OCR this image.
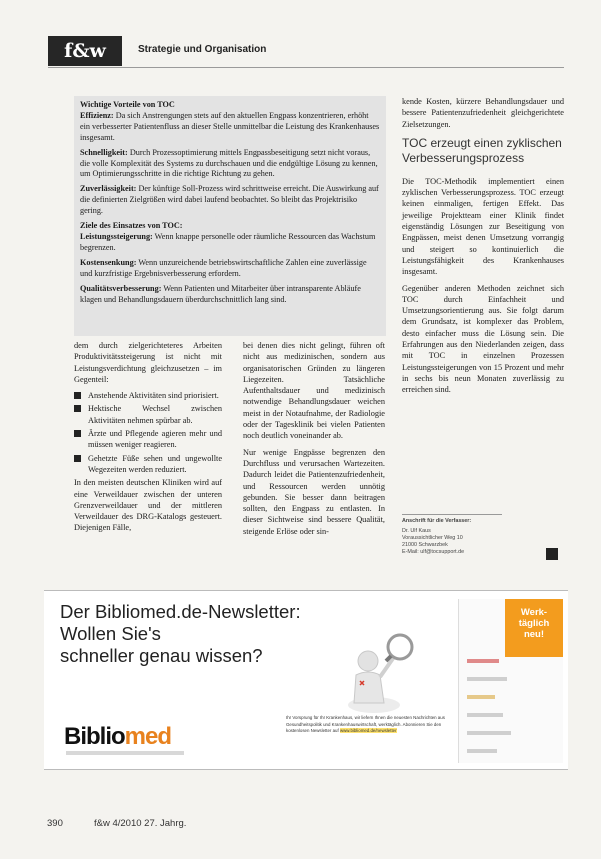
f&w	Strategie und Organisation

Wichtige Vorteile von TOC

Effizienz: Da sich Anstrengungen stets auf den aktuellen Engpass konzentrieren, erhöht ein verbesserter Patientenfluss an dieser Stelle unmittelbar die Leistung des Krankenhauses insgesamt.

Schnelligkeit: Durch Prozessoptimierung mittels Engpassbeseitigung setzt nicht voraus, die volle Komplexität des Systems zu durchschauen und die endgültige Lösung zu kennen, um Optimierungsschritte in die richtige Richtung zu gehen.

Zuverlässigkeit: Der künftige Soll-Prozess wird schrittweise erreicht. Die Auswirkung auf die definierten Zielgrößen wird dabei laufend beobachtet. So bleibt das Projektrisiko gering.

Ziele des Einsatzes von TOC:

Leistungssteigerung: Wenn knappe personelle oder räumliche Ressourcen das Wachstum begrenzen.

Kostensenkung: Wenn unzureichende betriebswirtschaftliche Zahlen eine zuverlässige und kurzfristige Ergebnisverbesserung erfordern.

Qualitätsverbesserung: Wenn Patienten und Mitarbeiter über intransparente Abläufe klagen und Behandlungsdauern überdurchschnittlich lang sind.

dem durch zielgerichteteres Arbeiten Produktivitätssteigerung ist nicht mit Leistungsverdichtung gleichzusetzen – im Gegenteil:

Anstehende Aktivitäten sind priorisiert.
Hektische Wechsel zwischen Aktivitäten nehmen spürbar ab.
Ärzte und Pflegende agieren mehr und müssen weniger reagieren.
Gehetzte Füße sehen und ungewollte Wegezeiten werden reduziert.

In den meisten deutschen Kliniken wird auf eine Verweildauer zwischen der unteren Grenzverweildauer und der mittleren Verweildauer des DRG-Katalogs gesteuert. Diejenigen Fälle,

bei denen dies nicht gelingt, führen oft nicht aus medizinischen, sondern aus organisatorischen Gründen zu längeren Liegezeiten. Tatsächliche Aufenthaltsdauer und medizinisch notwendige Behandlungsdauer weichen meist in der Notaufnahme, der Radiologie oder der Tagesklinik bei vielen Patienten noch deutlich voneinander ab.

Nur wenige Engpässe begrenzen den Durchfluss und verursachen Wartezeiten. Dadurch leidet die Patientenzufriedenheit, und Ressourcen werden unnötig gebunden. Sie besser dann beitragen sollten, den Engpass zu entlasten. In dieser Sichtweise sind bessere Qualität, steigende Erlöse oder sin-

kende Kosten, kürzere Behandlungsdauer und bessere Patientenzufriedenheit gleichgerichtete Zielsetzungen.

TOC erzeugt einen zyklischen Verbesserungsprozess

Die TOC-Methodik implementiert einen zyklischen Verbesserungsprozess. TOC erzeugt keinen einmaligen, fertigen Effekt. Das jeweilige Projektteam einer Klinik findet eigenständig Lösungen zur Beseitigung von Engpässen, meist denen Umsetzung vorrangig und steigert so kontinuierlich die Leistungsfähigkeit des Krankenhauses insgesamt.

Gegenüber anderen Methoden zeichnet sich TOC durch Einfachheit und Umsetzungsorientierung aus. Sie folgt darum dem Grundsatz, ist komplexer das Problem, desto einfacher muss die Lösung sein. Die Erfahrungen aus den Niederlanden zeigen, dass mit TOC in einzelnen Prozessen Leistungssteigerungen von 15 Prozent und mehr in sechs bis neun Monaten zuverlässig zu erreichen sind.

Anschrift für die Verfasser:
Dr. Ulf Kaus
Voraussichtlicher Weg 10
21000 Schwarzbek
E-Mail: ulf@tocsupport.de
Der Bibliomed.de-Newsletter:
Wollen Sie's
schneller genau wissen?
Bibliomed
Ihr Vorsprung für Ihr Krankenhaus, wir liefern Ihnen die neuesten Nachrichten aus Gesundheitspolitik und Krankenhauswirtschaft, werktäglich. Abonnieren Sie den kostenlosen Newsletter auf www.bibliomed.de/newsletter
Werk-
täglich
neu!
390	f&w 4/2010 27. Jahrg.
